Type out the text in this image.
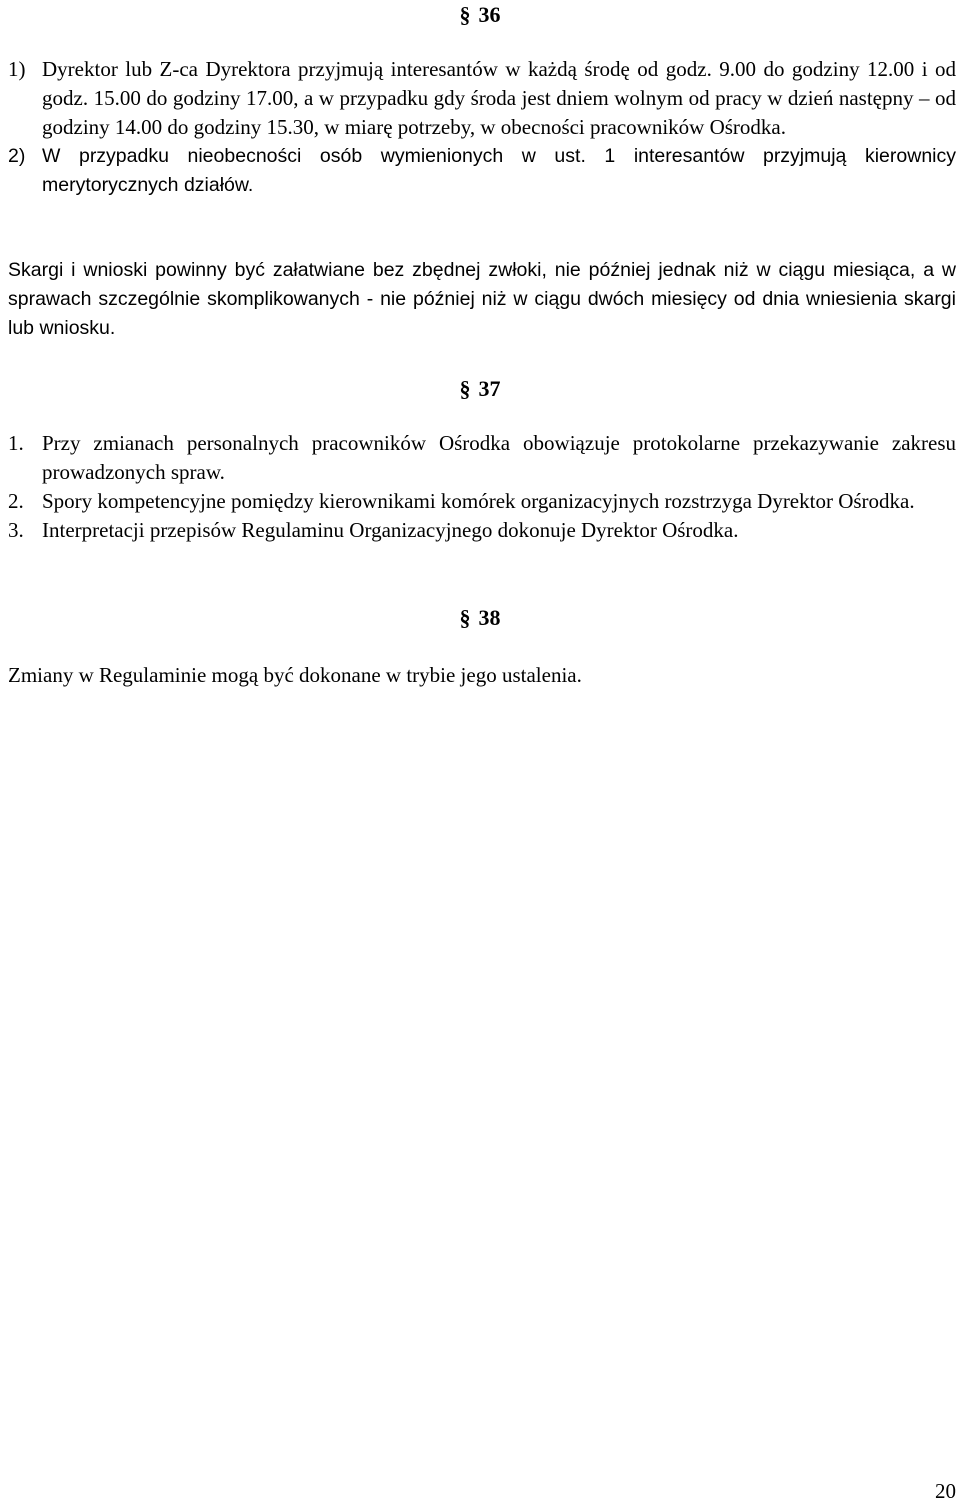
§ 36
1) Dyrektor lub Z-ca Dyrektora przyjmują interesantów w każdą środę od godz. 9.00 do godziny 12.00 i od godz. 15.00 do godziny 17.00, a w przypadku gdy środa jest dniem wolnym od pracy w dzień następny – od godziny 14.00 do godziny 15.30, w miarę potrzeby, w obecności pracowników Ośrodka.
2) W przypadku nieobecności osób wymienionych w ust. 1 interesantów przyjmują kierownicy merytorycznych działów.
Skargi i wnioski powinny być załatwiane bez zbędnej zwłoki, nie później jednak niż w ciągu miesiąca, a w sprawach szczególnie skomplikowanych - nie później niż w ciągu dwóch miesięcy od dnia wniesienia skargi lub wniosku.
§ 37
1. Przy zmianach personalnych pracowników Ośrodka obowiązuje protokolarne przekazywanie zakresu prowadzonych spraw.
2. Spory kompetencyjne pomiędzy kierownikami komórek organizacyjnych rozstrzyga Dyrektor Ośrodka.
3. Interpretacji przepisów Regulaminu Organizacyjnego dokonuje Dyrektor Ośrodka.
§ 38
Zmiany w Regulaminie mogą być dokonane w trybie jego ustalenia.
20
